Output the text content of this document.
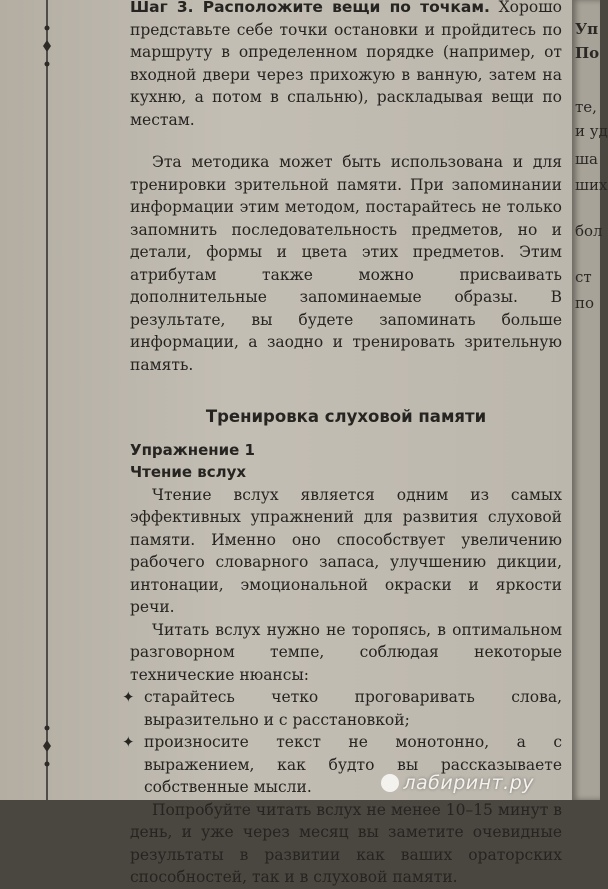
Шаг 3. Расположите вещи по точкам. Хорошо представьте себе точки остановки и пройдитесь по маршруту в определенном порядке (например, от входной двери через прихожую в ванную, затем на кухню, а потом в спальню), раскладывая вещи по местам.

Эта методика может быть использована и для тренировки зрительной памяти. При запоминании информации этим методом, постарайтесь не только запомнить последовательность предметов, но и детали, формы и цвета этих предметов. Этим атрибутам также можно присваивать дополнительные запоминаемые образы. В результате, вы будете запоминать больше информации, а заодно и тренировать зрительную память.

Тренировка слуховой памяти

Упражнение 1

Чтение вслух

Чтение вслух является одним из самых эффективных упражнений для развития слуховой памяти. Именно оно способствует увеличению рабочего словарного запаса, улучшению дикции, интонации, эмоциональной окраски и яркости речи.

Читать вслух нужно не торопясь, в оптимальном разговорном темпе, соблюдая некоторые технические нюансы:

✦ старайтесь четко проговаривать слова, выразительно и с расстановкой;

✦ произносите текст не монотонно, а с выражением, как будто вы рассказываете собственные мысли.

Попробуйте читать вслух не менее 10–15 минут в день, и уже через месяц вы заметите очевидные результаты в развитии как ваших ораторских способностей, так и в слуховой памяти.

лабиринт.ру
Уп
По
те,
и уд
ша
ших
бол
ст
по
